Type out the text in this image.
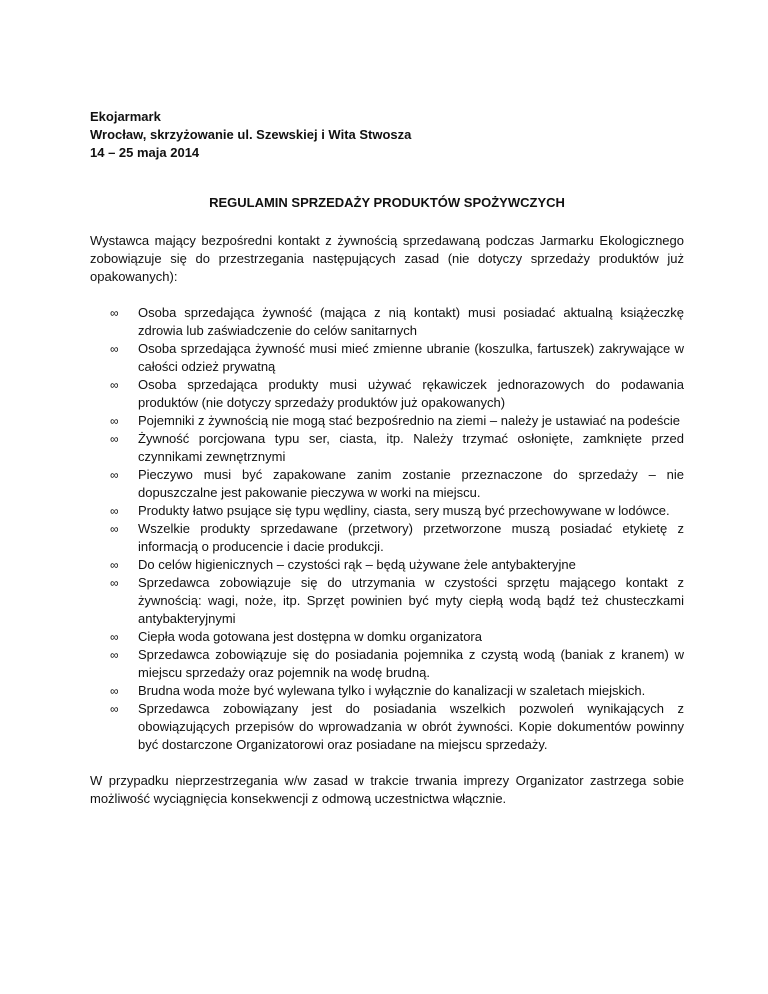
Ekojarmark

Wrocław, skrzyżowanie ul. Szewskiej i Wita Stwosza

14 – 25 maja 2014

REGULAMIN SPRZEDAŻY PRODUKTÓW SPOŻYWCZYCH

Wystawca mający bezpośredni kontakt z żywnością sprzedawaną podczas Jarmarku Ekologicznego zobowiązuje się do przestrzegania następujących zasad (nie dotyczy sprzedaży produktów już opakowanych):

∞	Osoba sprzedająca żywność (mająca z nią kontakt) musi posiadać aktualną książeczkę zdrowia lub zaświadczenie do celów sanitarnych
∞	Osoba sprzedająca żywność musi mieć zmienne ubranie (koszulka, fartuszek) zakrywające w całości odzież prywatną
∞	Osoba sprzedająca produkty musi używać rękawiczek jednorazowych do podawania produktów (nie dotyczy sprzedaży produktów już opakowanych)
∞	Pojemniki z żywnością nie mogą stać bezpośrednio na ziemi – należy je ustawiać na podeście
∞	Żywność porcjowana typu ser, ciasta, itp. Należy trzymać osłonięte, zamknięte przed czynnikami zewnętrznymi
∞	Pieczywo musi być zapakowane zanim zostanie przeznaczone do sprzedaży – nie dopuszczalne jest pakowanie pieczywa w worki na miejscu.
∞	Produkty łatwo psujące się typu wędliny, ciasta, sery muszą być przechowywane w lodówce.
∞	Wszelkie produkty sprzedawane (przetwory) przetworzone muszą posiadać etykietę z informacją o producencie i dacie produkcji.
∞	Do celów higienicznych – czystości rąk – będą używane żele antybakteryjne
∞	Sprzedawca zobowiązuje się do utrzymania w czystości sprzętu mającego kontakt z żywnością: wagi, noże, itp. Sprzęt powinien być myty ciepłą wodą bądź też chusteczkami antybakteryjnymi
∞	Ciepła woda gotowana jest dostępna w domku organizatora
∞	Sprzedawca zobowiązuje się do posiadania pojemnika z czystą wodą (baniak z kranem) w miejscu sprzedaży oraz pojemnik na wodę brudną.
∞	Brudna woda może być wylewana tylko i wyłącznie do kanalizacji w szaletach miejskich.
∞	Sprzedawca zobowiązany jest do posiadania wszelkich pozwoleń wynikających z obowiązujących przepisów do wprowadzania w obrót żywności. Kopie dokumentów powinny być dostarczone Organizatorowi oraz posiadane na miejscu sprzedaży.

W przypadku nieprzestrzegania w/w zasad w trakcie trwania imprezy Organizator zastrzega sobie możliwość wyciągnięcia konsekwencji z odmową uczestnictwa włącznie.
